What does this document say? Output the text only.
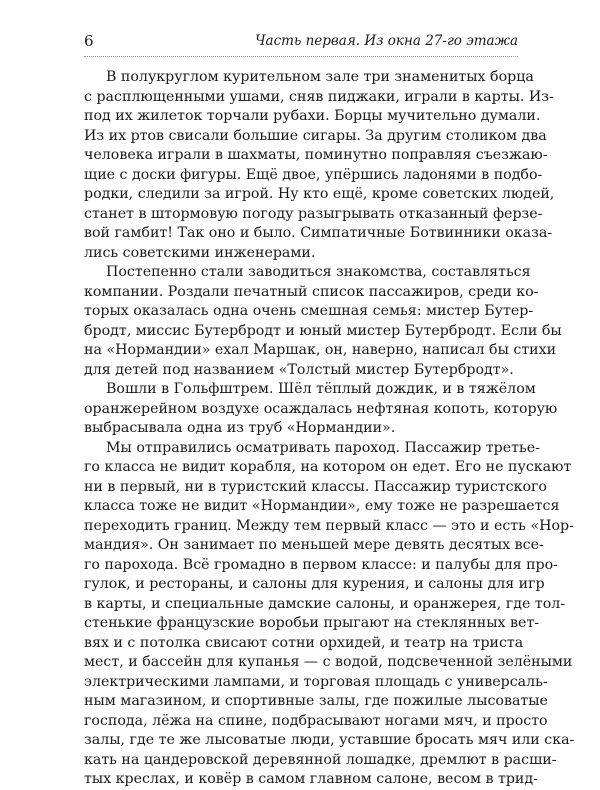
6	Часть первая. Из окна 27-го этажа
В полукруглом курительном зале три знаменитых борца
с расплющенными ушами, сняв пиджаки, играли в карты. Из-
под их жилеток торчали рубахи. Борцы мучительно думали.
Из их ртов свисали большие сигары. За другим столиком два
человека играли в шахматы, поминутно поправляя съезжаю-
щие с доски фигуры. Ещё двое, упёршись ладонями в подбо-
родки, следили за игрой. Ну кто ещё, кроме советских людей,
станет в штормовую погоду разыгрывать отказанный ферзе-
вой гамбит! Так оно и было. Симпатичные Ботвинники оказа-
лись советскими инженерами.
Постепенно стали заводиться знакомства, составляться
компании. Роздали печатный список пассажиров, среди ко-
торых оказалась одна очень смешная семья: мистер Бутер-
бродт, миссис Бутербродт и юный мистер Бутербродт. Если бы
на «Нормандии» ехал Маршак, он, наверно, написал бы стихи
для детей под названием «Толстый мистер Бутербродт».
Вошли в Гольфштрем. Шёл тёплый дождик, и в тяжёлом
оранжерейном воздухе осаждалась нефтяная копоть, которую
выбрасывала одна из труб «Нормандии».
Мы отправились осматривать пароход. Пассажир третье-
го класса не видит корабля, на котором он едет. Его не пускают
ни в первый, ни в туристский классы. Пассажир туристского
класса тоже не видит «Нормандии», ему тоже не разрешается
переходить границ. Между тем первый класс — это и есть «Нор-
мандия». Он занимает по меньшей мере девять десятых все-
го парохода. Всё громадно в первом классе: и палубы для про-
гулок, и рестораны, и салоны для курения, и салоны для игр
в карты, и специальные дамские салоны, и оранжерея, где тол-
стенькие французские воробьи прыгают на стеклянных вет-
вях и с потолка свисают сотни орхидей, и театр на триста
мест, и бассейн для купанья — с водой, подсвеченной зелёными
электрическими лампами, и торговая площадь с универсаль-
ным магазином, и спортивные залы, где пожилые лысоватые
господа, лёжа на спине, подбрасывают ногами мяч, и просто
залы, где те же лысоватые люди, уставшие бросать мяч или ска-
кать на цандеровской деревянной лошадке, дремлют в расши-
тых креслах, и ковёр в самом главном салоне, весом в трид-
